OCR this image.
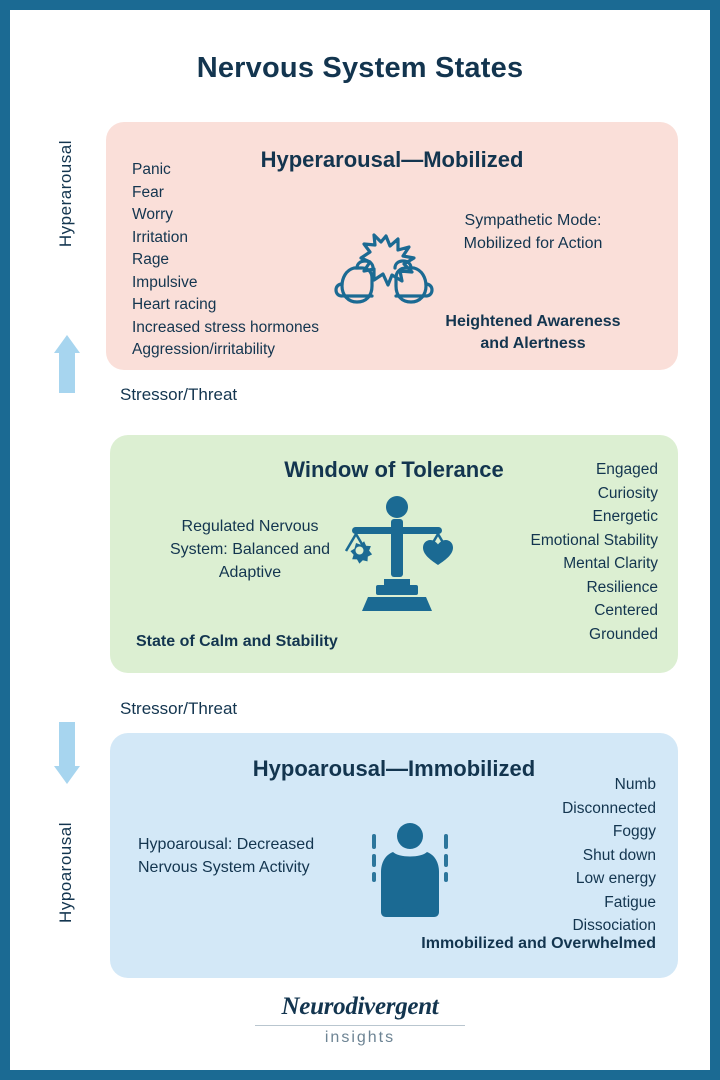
Nervous System States
Hyperarousal
Hypoarousal
Stressor/Threat
Stressor/Threat
Hyperarousal—Mobilized
Panic
Fear
Worry
Irritation
Rage
Impulsive
Heart racing
Increased stress hormones
Aggression/irritability
Sympathetic Mode:
Mobilized for Action
Heightened Awareness
and Alertness
Window of Tolerance
Regulated Nervous
System: Balanced and
Adaptive
Engaged
Curiosity
Energetic
Emotional Stability
Mental Clarity
Resilience
Centered
Grounded
State of Calm and Stability
Hypoarousal—Immobilized
Hypoarousal: Decreased
Nervous System Activity
Numb
Disconnected
Foggy
Shut down
Low energy
Fatigue
Dissociation
Immobilized and Overwhelmed
Neurodivergent
insights
